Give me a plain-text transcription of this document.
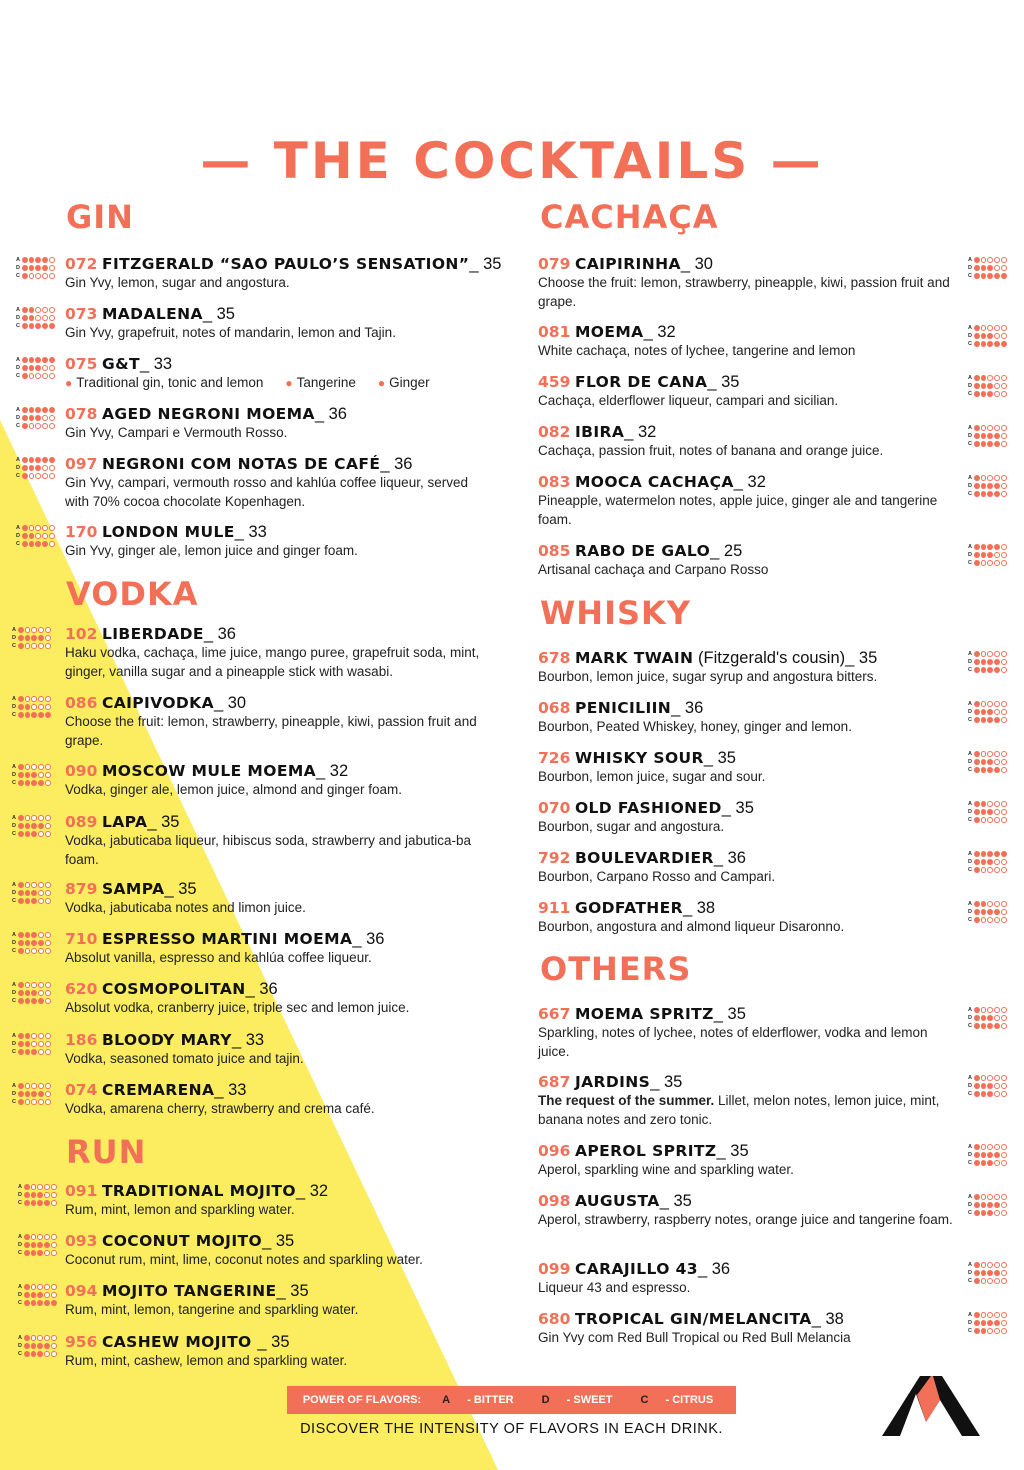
— THE COCKTAILS —
GIN
072 FITZGERALD “SAO PAULO’S SENSATION”_ 35
Gin Yvy, lemon, sugar and angostura.
A
D
C
073 MADALENA_ 35
Gin Yvy, grapefruit, notes of mandarin, lemon and Tajin.
A
D
C
075 G&T_ 33
● Traditional gin, tonic and lemon ● Tangerine ● Ginger
A
D
C
078 AGED NEGRONI MOEMA_ 36
Gin Yvy, Campari e Vermouth Rosso.
A
D
C
097 NEGRONI COM NOTAS DE CAFÉ_ 36
Gin Yvy, campari, vermouth rosso and kahlúa coffee liqueur, served with 70% cocoa chocolate Kopenhagen.
A
D
C
170 LONDON MULE_ 33
Gin Yvy, ginger ale, lemon juice and ginger foam.
A
D
C
VODKA
102 LIBERDADE_ 36
Haku vodka, cachaça, lime juice, mango puree, grapefruit soda, mint, ginger, vanilla sugar and a pineapple stick with wasabi.
A
D
C
086 CAIPIVODKA_ 30
Choose the fruit: lemon, strawberry, pineapple, kiwi, passion fruit and grape.
A
D
C
090 MOSCOW MULE MOEMA_ 32
Vodka, ginger ale, lemon juice, almond and ginger foam.
A
D
C
089 LAPA_ 35
Vodka, jabuticaba liqueur, hibiscus soda, strawberry and jabutica-ba foam.
A
D
C
879 SAMPA_ 35
Vodka, jabuticaba notes and limon juice.
A
D
C
710 ESPRESSO MARTINI MOEMA_ 36
Absolut vanilla, espresso and kahlúa coffee liqueur.
A
D
C
620 COSMOPOLITAN_ 36
Absolut vodka, cranberry juice, triple sec and lemon juice.
A
D
C
186 BLOODY MARY_ 33
Vodka, seasoned tomato juice and tajin.
A
D
C
074 CREMARENA_ 33
Vodka, amarena cherry, strawberry and crema café.
A
D
C
RUN
091 TRADITIONAL MOJITO_ 32
Rum, mint, lemon and sparkling water.
A
D
C
093 COCONUT MOJITO_ 35
Coconut rum, mint, lime, coconut notes and sparkling water.
A
D
C
094 MOJITO TANGERINE_ 35
Rum, mint, lemon, tangerine and sparkling water.
A
D
C
956 CASHEW MOJITO _ 35
Rum, mint, cashew, lemon and sparkling water.
A
D
C
CACHAÇA
079 CAIPIRINHA_ 30
Choose the fruit: lemon, strawberry, pineapple, kiwi, passion fruit and grape.
A
D
C
081 MOEMA_ 32
White cachaça, notes of lychee, tangerine and lemon
A
D
C
459 FLOR DE CANA_ 35
Cachaça, elderflower liqueur, campari and sicilian.
A
D
C
082 IBIRA_ 32
Cachaça, passion fruit, notes of banana and orange juice.
A
D
C
083 MOOCA CACHAÇA_ 32
Pineapple, watermelon notes, apple juice, ginger ale and tangerine foam.
A
D
C
085 RABO DE GALO_ 25
Artisanal cachaça and Carpano Rosso
A
D
C
WHISKY
678 MARK TWAIN (Fitzgerald's cousin)_ 35
Bourbon, lemon juice, sugar syrup and angostura bitters.
A
D
C
068 PENICILIIN_ 36
Bourbon, Peated Whiskey, honey, ginger and lemon.
A
D
C
726 WHISKY SOUR_ 35
Bourbon, lemon juice, sugar and sour.
A
D
C
070 OLD FASHIONED_ 35
Bourbon, sugar and angostura.
A
D
C
792 BOULEVARDIER_ 36
Bourbon, Carpano Rosso and Campari.
A
D
C
911 GODFATHER_ 38
Bourbon, angostura and almond liqueur Disaronno.
A
D
C
OTHERS
667 MOEMA SPRITZ_ 35
Sparkling, notes of lychee, notes of elderflower, vodka and lemon juice.
A
D
C
687 JARDINS_ 35
The request of the summer. Lillet, melon notes, lemon juice, mint, banana notes and zero tonic.
A
D
C
096 APEROL SPRITZ_ 35
Aperol, sparkling wine and sparkling water.
A
D
C
098 AUGUSTA_ 35
Aperol, strawberry, raspberry notes, orange juice and tangerine foam.
A
D
C
099 CARAJILLO 43_ 36
Liqueur 43 and espresso.
A
D
C
680 TROPICAL GIN/MELANCITA_ 38
Gin Yvy com Red Bull Tropical ou Red Bull Melancia
A
D
C
POWER OF FLAVORS:	A - BITTER	D - SWEET	C - CITRUS
DISCOVER THE INTENSITY OF FLAVORS IN EACH DRINK.
